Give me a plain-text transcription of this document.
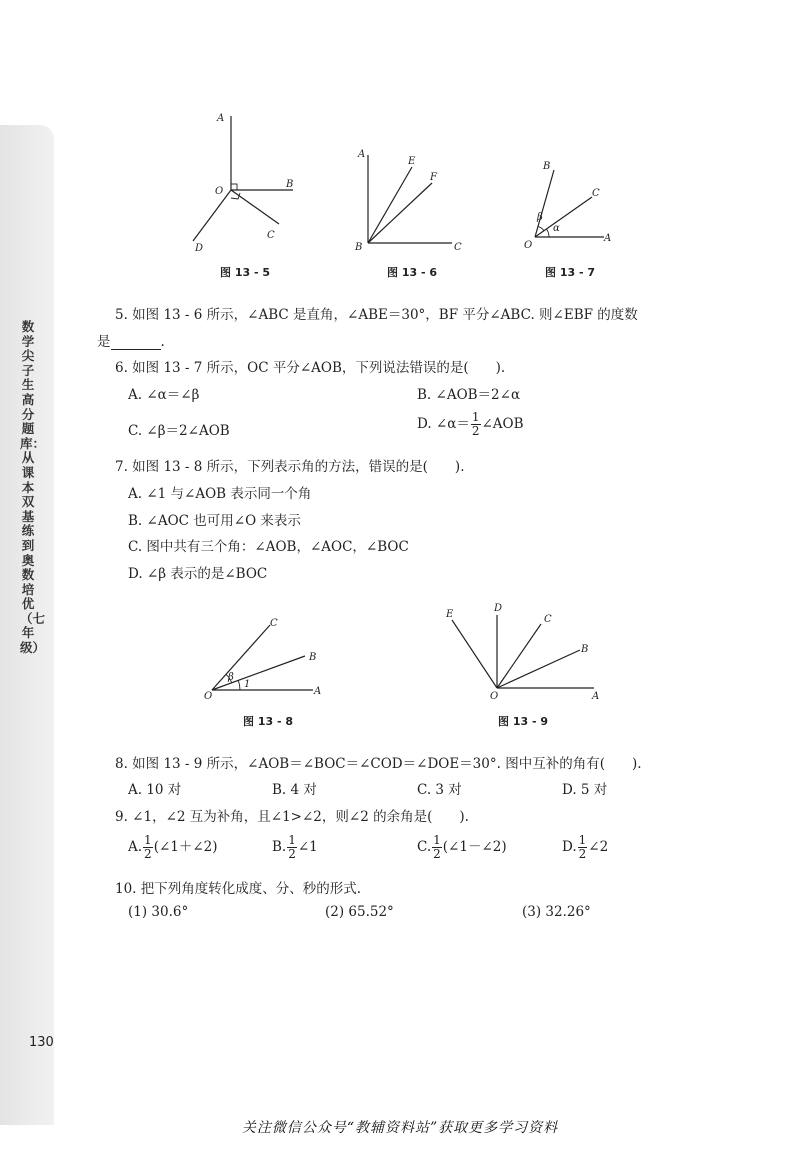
数学尖子生高分题库：从课本双基练到奥数培优（七年级）
130
A
O
B
C
D
图 13 - 5
A
E
F
B	C
图 13 - 6
B
C
β
α
O
A
图 13 - 7
5. 如图 13 - 6 所示，∠ABC 是直角，∠ABE＝30°，BF 平分∠ABC. 则∠EBF 的度数
是	.
6. 如图 13 - 7 所示，OC 平分∠AOB，下列说法错误的是(　　).
A. ∠α＝∠β	B. ∠AOB＝2∠α
C. ∠β＝2∠AOB	D. ∠α＝ $\frac{1}{2}$ ∠AOB
7. 如图 13 - 8 所示，下列表示角的方法，错误的是(　　).
A. ∠1 与∠AOB 表示同一个角
B. ∠AOC 也可用∠O 来表示
C. 图中共有三个角：∠AOB，∠AOC，∠BOC
D. ∠β 表示的是∠BOC
C
B
β
1
O	A
图 13 - 8
E
D
C
B
O	A
图 13 - 9
8. 如图 13 - 9 所示，∠AOB＝∠BOC＝∠COD＝∠DOE＝30°. 图中互补的角有(　　).
A. 10 对	B. 4 对	C. 3 对	D. 5 对
9. ∠1，∠2 互为补角，且∠1>∠2，则∠2 的余角是(　　).
A. $\frac{1}{2}$ (∠1＋∠2)	B. $\frac{1}{2}$ ∠1	C. $\frac{1}{2}$ (∠1－∠2)	D. $\frac{1}{2}$ ∠2
10. 把下列角度转化成度、分、秒的形式.
(1) 30.6°	(2) 65.52°	(3) 32.26°
关注微信公众号“教辅资料站”获取更多学习资料
